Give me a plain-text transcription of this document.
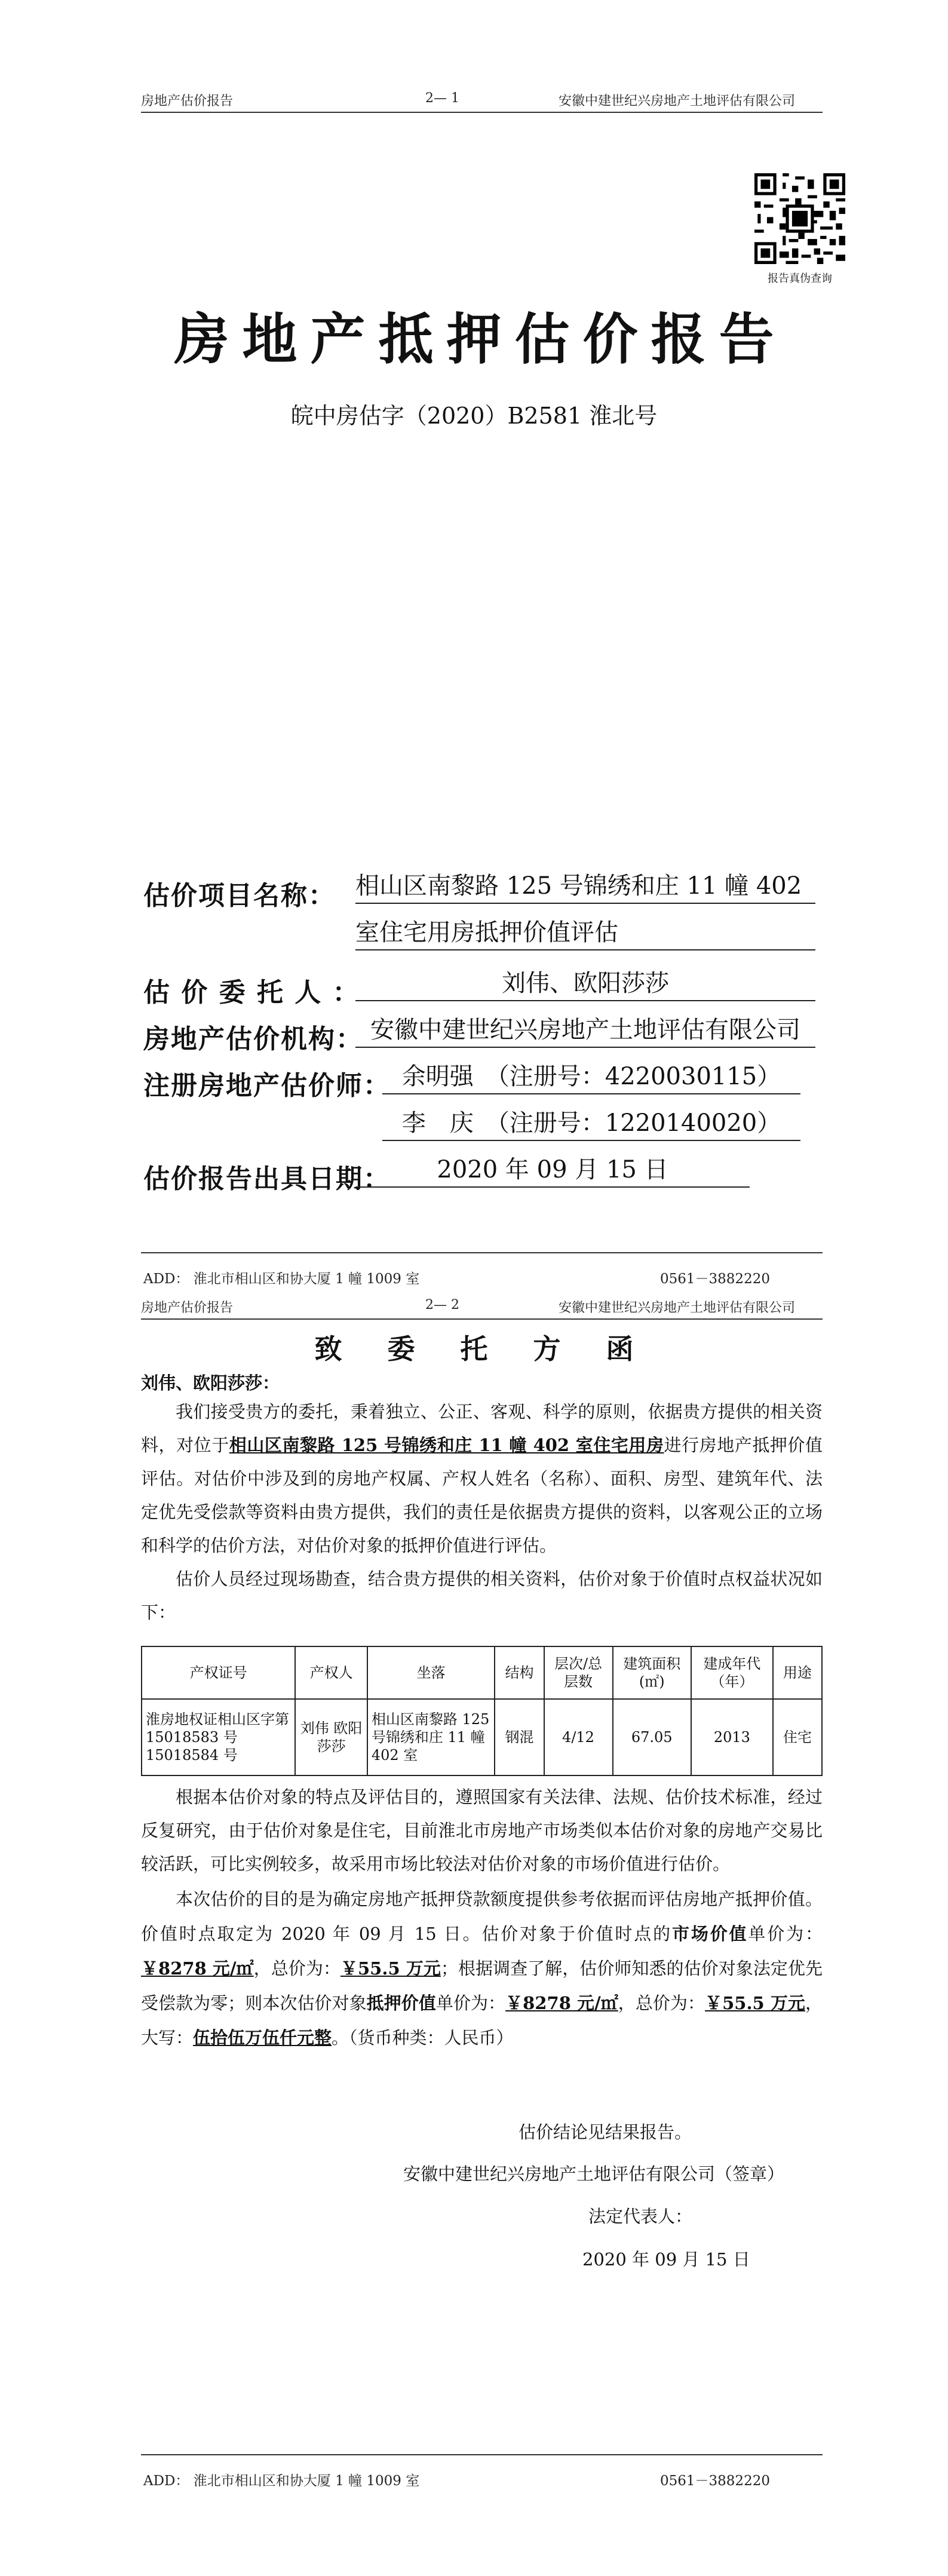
房地产估价报告	2— 1	安徽中建世纪兴房地产土地评估有限公司
报告真伪查询
房地产抵押估价报告
皖中房估字（2020）B2581 淮北号
估价项目名称： 相山区南黎路 125 号锦绣和庄 11 幢 402
室住宅用房抵押价值评估
估 价 委 托 人 ：	刘伟、欧阳莎莎
房地产估价机构： 安徽中建世纪兴房地产土地评估有限公司
注册房地产估价师： 余明强　（注册号：4220030115）
李　庆　（注册号：1220140020）
估价报告出具日期：	2020 年 09 月 15 日
ADD： 淮北市相山区和协大厦 1 幢 1009 室	0561－3882220
房地产估价报告	2— 2	安徽中建世纪兴房地产土地评估有限公司
致 委 托 方 函
刘伟、欧阳莎莎：
我们接受贵方的委托，秉着独立、公正、客观、科学的原则，依据贵方提供的相关资料，对位于相山区南黎路 125 号锦绣和庄 11 幢 402 室住宅用房进行房地产抵押价值评估。对估价中涉及到的房地产权属、产权人姓名（名称）、面积、房型、建筑年代、法定优先受偿款等资料由贵方提供，我们的责任是依据贵方提供的资料，以客观公正的立场和科学的估价方法，对估价对象的抵押价值进行评估。
估价人员经过现场勘查，结合贵方提供的相关资料，估价对象于价值时点权益状况如下：
产权证号	产权人	坐落	结构	层次/总层数	建筑面积(㎡)	建成年代（年）	用途
淮房地权证相山区字第 15018583 号 15018584 号	刘伟 欧阳莎莎	相山区南黎路 125 号锦绣和庄 11 幢 402 室	钢混	4/12	67.05	2013	住宅
根据本估价对象的特点及评估目的，遵照国家有关法律、法规、估价技术标准，经过反复研究，由于估价对象是住宅，目前淮北市房地产市场类似本估价对象的房地产交易比较活跃，可比实例较多，故采用市场比较法对估价对象的市场价值进行估价。
本次估价的目的是为确定房地产抵押贷款额度提供参考依据而评估房地产抵押价值。价值时点取定为 2020 年 09 月 15 日。估价对象于价值时点的市场价值单价为：￥8278 元/㎡，总价为：￥55.5 万元；根据调查了解，估价师知悉的估价对象法定优先受偿款为零；则本次估价对象抵押价值单价为：￥8278 元/㎡，总价为：￥55.5 万元，大写：伍拾伍万伍仟元整。（货币种类：人民币）
估价结论见结果报告。
安徽中建世纪兴房地产土地评估有限公司（签章）
法定代表人：
2020 年 09 月 15 日
ADD： 淮北市相山区和协大厦 1 幢 1009 室	0561－3882220
